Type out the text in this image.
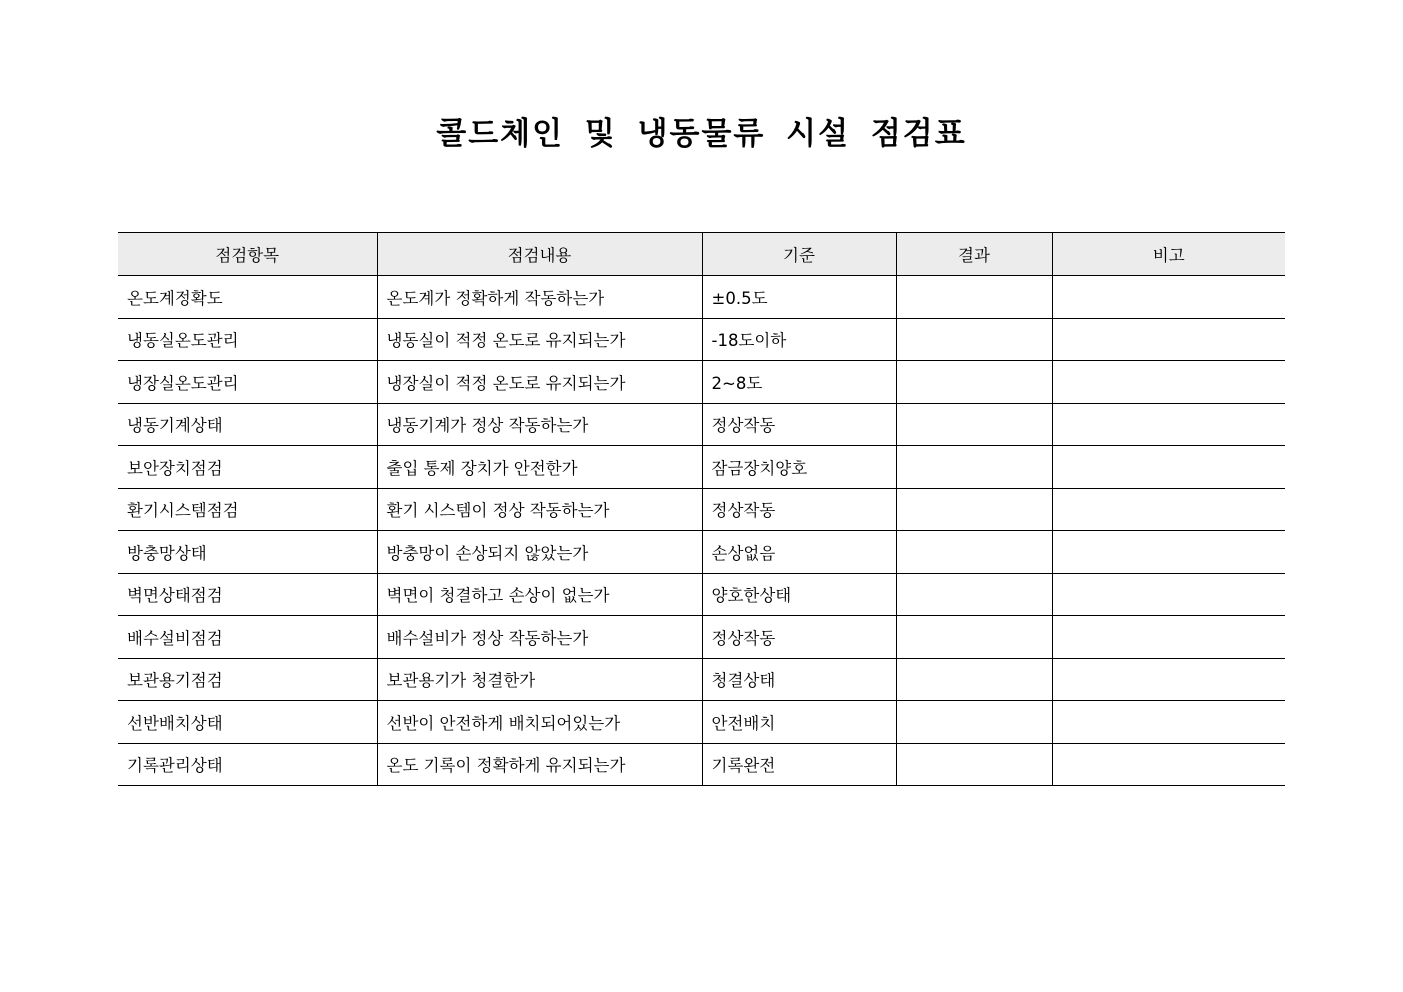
콜드체인 및 냉동물류 시설 점검표
점검항목	점검내용	기준	결과	비고
온도계정확도	온도계가 정확하게 작동하는가	±0.5도		
냉동실온도관리	냉동실이 적정 온도로 유지되는가	-18도이하		
냉장실온도관리	냉장실이 적정 온도로 유지되는가	2~8도		
냉동기계상태	냉동기계가 정상 작동하는가	정상작동		
보안장치점검	출입 통제 장치가 안전한가	잠금장치양호		
환기시스템점검	환기 시스템이 정상 작동하는가	정상작동		
방충망상태	방충망이 손상되지 않았는가	손상없음		
벽면상태점검	벽면이 청결하고 손상이 없는가	양호한상태		
배수설비점검	배수설비가 정상 작동하는가	정상작동		
보관용기점검	보관용기가 청결한가	청결상태		
선반배치상태	선반이 안전하게 배치되어있는가	안전배치		
기록관리상태	온도 기록이 정확하게 유지되는가	기록완전		
